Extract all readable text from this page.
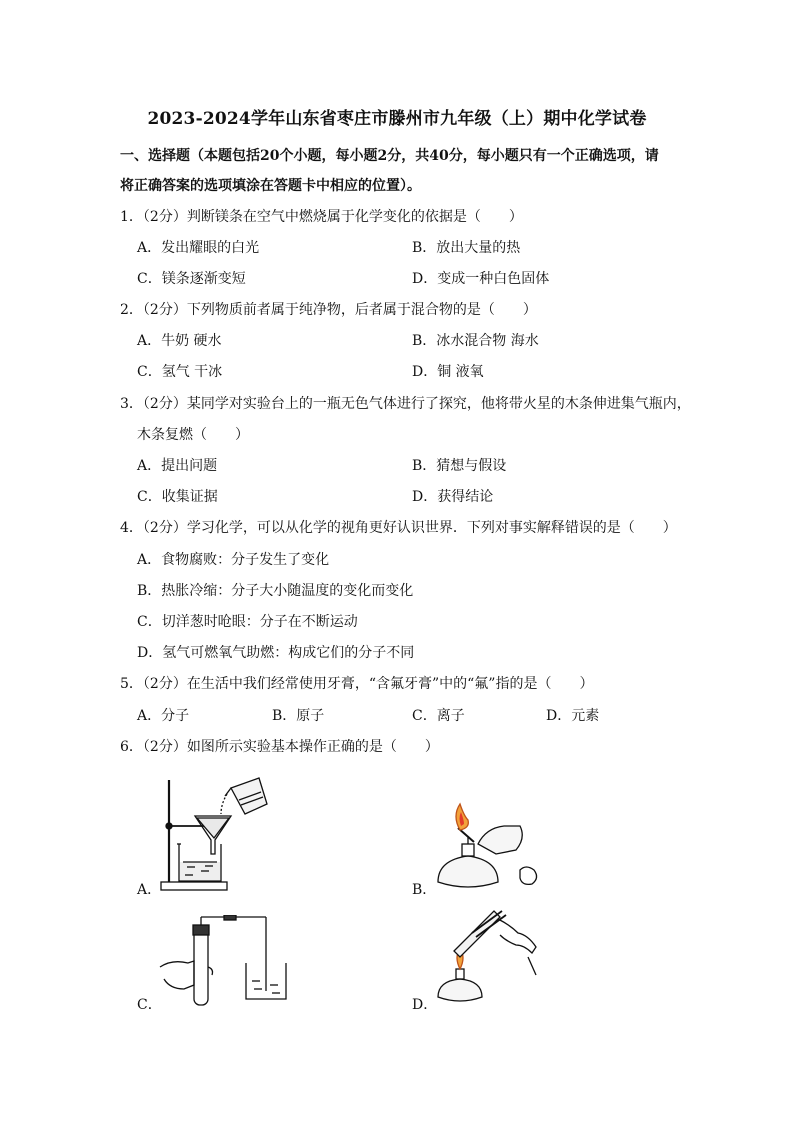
2023-2024学年山东省枣庄市滕州市九年级（上）期中化学试卷
一、选择题（本题包括20个小题，每小题2分，共40分，每小题只有一个正确选项，请
将正确答案的选项填涂在答题卡中相应的位置）。
1．（2分）判断镁条在空气中燃烧属于化学变化的依据是（　　）
A．发出耀眼的白光	B．放出大量的热
C．镁条逐渐变短	D．变成一种白色固体
2．（2分）下列物质前者属于纯净物，后者属于混合物的是（　　）
A．牛奶 硬水	B．冰水混合物 海水
C．氢气 干冰	D．铜 液氧
3．（2分）某同学对实验台上的一瓶无色气体进行了探究，他将带火星的木条伸进集气瓶内，
木条复燃（　　）
A．提出问题	B．猜想与假设
C．收集证据	D．获得结论
4．（2分）学习化学，可以从化学的视角更好认识世界．下列对事实解释错误的是（　　）
A．食物腐败：分子发生了变化
B．热胀冷缩：分子大小随温度的变化而变化
C．切洋葱时呛眼：分子在不断运动
D．氢气可燃氧气助燃：构成它们的分子不同
5．（2分）在生活中我们经常使用牙膏，“含氟牙膏”中的“氟”指的是（　　）
A．分子	B．原子	C．离子	D．元素
6．（2分）如图所示实验基本操作正确的是（　　）
A．	B．
C．	D．
